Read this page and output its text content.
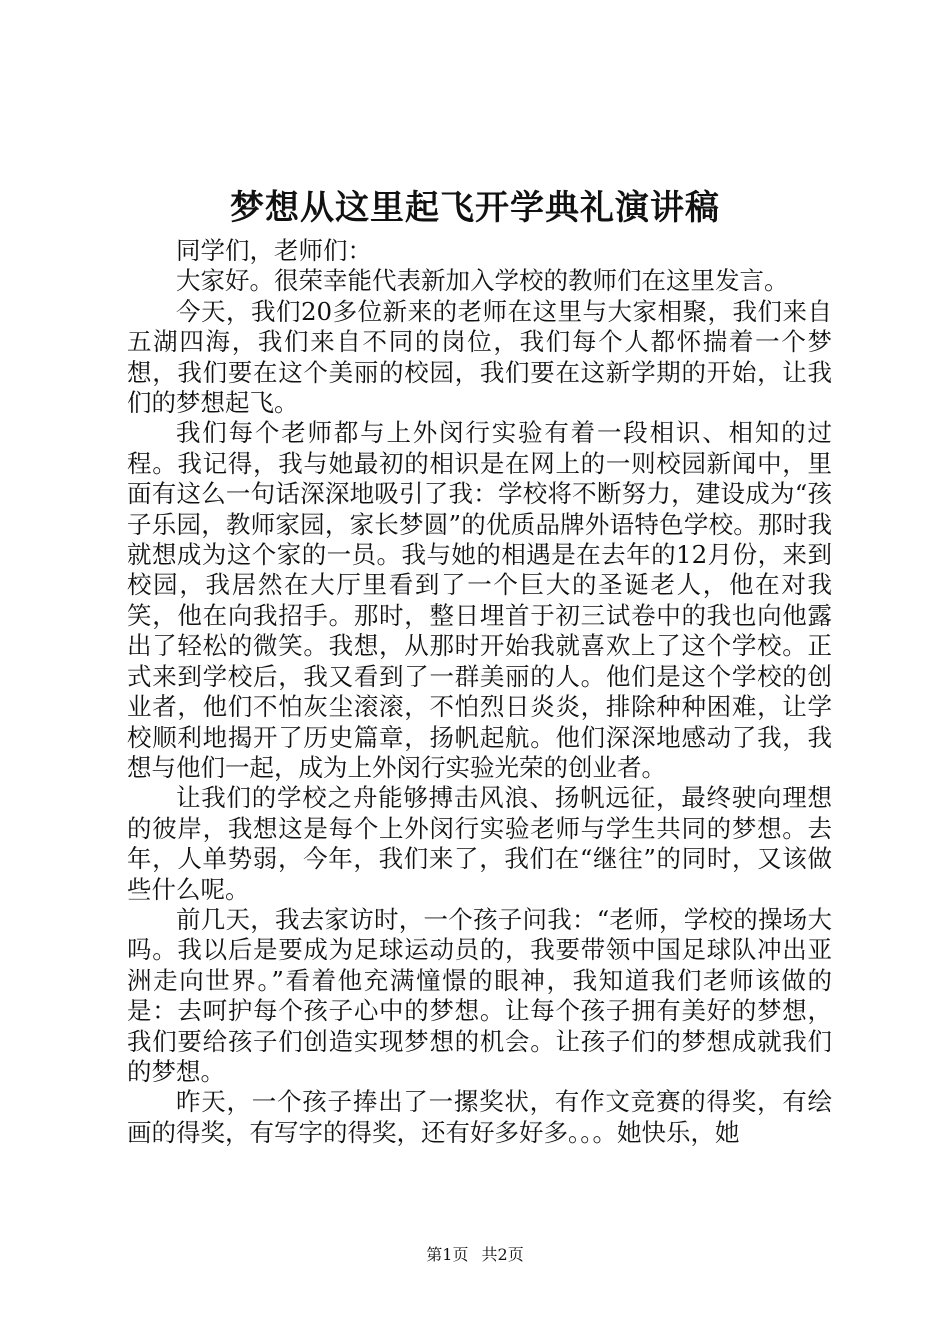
梦想从这里起飞开学典礼演讲稿

同学们，老师们：

大家好。很荣幸能代表新加入学校的教师们在这里发言。

今天，我们20多位新来的老师在这里与大家相聚，我们来自五湖四海，我们来自不同的岗位，我们每个人都怀揣着一个梦想，我们要在这个美丽的校园，我们要在这新学期的开始，让我们的梦想起飞。

我们每个老师都与上外闵行实验有着一段相识、相知的过程。我记得，我与她最初的相识是在网上的一则校园新闻中，里面有这么一句话深深地吸引了我：学校将不断努力，建设成为“孩子乐园，教师家园，家长梦圆”的优质品牌外语特色学校。那时我就想成为这个家的一员。我与她的相遇是在去年的12月份，来到校园，我居然在大厅里看到了一个巨大的圣诞老人，他在对我笑，他在向我招手。那时，整日埋首于初三试卷中的我也向他露出了轻松的微笑。我想，从那时开始我就喜欢上了这个学校。正式来到学校后，我又看到了一群美丽的人。他们是这个学校的创业者，他们不怕灰尘滚滚，不怕烈日炎炎，排除种种困难，让学校顺利地揭开了历史篇章，扬帆起航。他们深深地感动了我，我想与他们一起，成为上外闵行实验光荣的创业者。

让我们的学校之舟能够搏击风浪、扬帆远征，最终驶向理想的彼岸，我想这是每个上外闵行实验老师与学生共同的梦想。去年，人单势弱，今年，我们来了，我们在“继往”的同时，又该做些什么呢。

前几天，我去家访时，一个孩子问我：“老师，学校的操场大吗。我以后是要成为足球运动员的，我要带领中国足球队冲出亚洲走向世界。”看着他充满憧憬的眼神，我知道我们老师该做的是：去呵护每个孩子心中的梦想。让每个孩子拥有美好的梦想，我们要给孩子们创造实现梦想的机会。让孩子们的梦想成就我们的梦想。

昨天，一个孩子捧出了一摞奖状，有作文竞赛的得奖，有绘画的得奖，有写字的得奖，还有好多好多。。。她快乐，她

第1页 共2页
